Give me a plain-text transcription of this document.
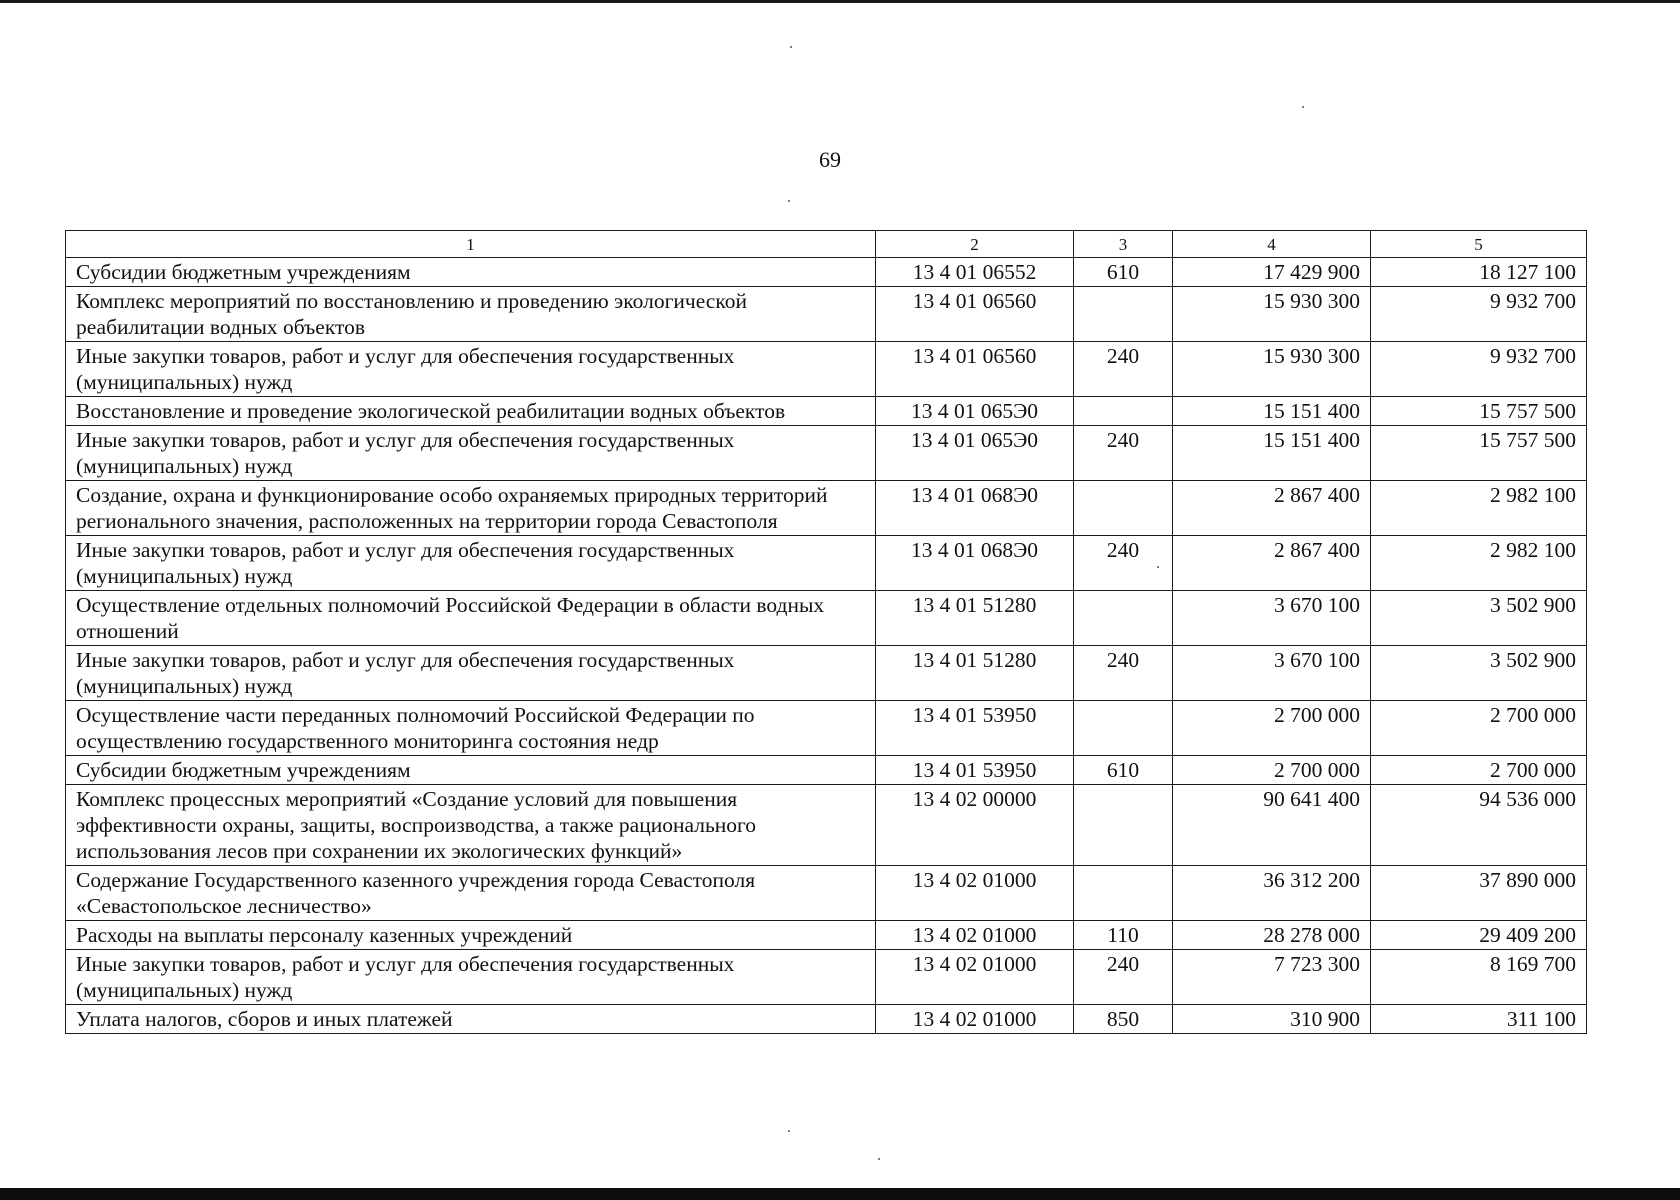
69
1	2	3	4	5
Субсидии бюджетным учреждениям	13 4 01 06552	610	17 429 900	18 127 100
Комплекс мероприятий по восстановлению и проведению экологической реабилитации водных объектов	13 4 01 06560		15 930 300	9 932 700
Иные закупки товаров, работ и услуг для обеспечения государственных (муниципальных) нужд	13 4 01 06560	240	15 930 300	9 932 700
Восстановление и проведение экологической реабилитации водных объектов	13 4 01 065Э0		15 151 400	15 757 500
Иные закупки товаров, работ и услуг для обеспечения государственных (муниципальных) нужд	13 4 01 065Э0	240	15 151 400	15 757 500
Создание, охрана и функционирование особо охраняемых природных территорий регионального значения, расположенных на территории города Севастополя	13 4 01 068Э0		2 867 400	2 982 100
Иные закупки товаров, работ и услуг для обеспечения государственных (муниципальных) нужд	13 4 01 068Э0	240	2 867 400	2 982 100
Осуществление отдельных полномочий Российской Федерации в области водных отношений	13 4 01 51280		3 670 100	3 502 900
Иные закупки товаров, работ и услуг для обеспечения государственных (муниципальных) нужд	13 4 01 51280	240	3 670 100	3 502 900
Осуществление части переданных полномочий Российской Федерации по осуществлению государственного мониторинга состояния недр	13 4 01 53950		2 700 000	2 700 000
Субсидии бюджетным учреждениям	13 4 01 53950	610	2 700 000	2 700 000
Комплекс процессных мероприятий «Создание условий для повышения эффективности охраны, защиты, воспроизводства, а также рационального использования лесов при сохранении их экологических функций»	13 4 02 00000		90 641 400	94 536 000
Содержание Государственного казенного учреждения города Севастополя «Севастопольское лесничество»	13 4 02 01000		36 312 200	37 890 000
Расходы на выплаты персоналу казенных учреждений	13 4 02 01000	110	28 278 000	29 409 200
Иные закупки товаров, работ и услуг для обеспечения государственных (муниципальных) нужд	13 4 02 01000	240	7 723 300	8 169 700
Уплата налогов, сборов и иных платежей	13 4 02 01000	850	310 900	311 100
